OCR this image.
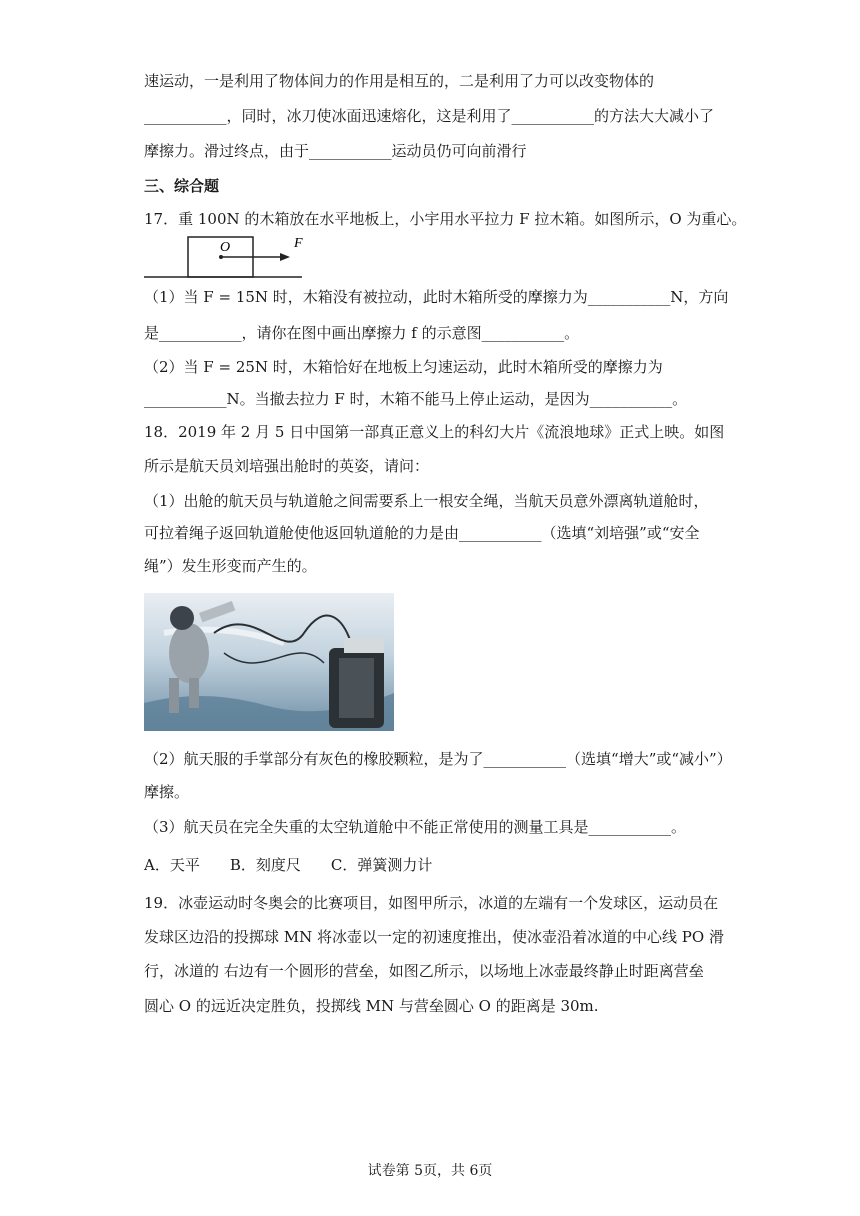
速运动，一是利用了物体间力的作用是相互的，二是利用了力可以改变物体的
___________，同时，冰刀使冰面迅速熔化，这是利用了___________的方法大大减小了
摩擦力。滑过终点，由于___________运动员仍可向前滑行
三、综合题
17．重 100N 的木箱放在水平地板上，小宇用水平拉力 F 拉木箱。如图所示，O 为重心。
O	F
（1）当 F = 15N 时，木箱没有被拉动，此时木箱所受的摩擦力为___________N，方向
是___________，请你在图中画出摩擦力 f 的示意图___________。
（2）当 F = 25N 时，木箱恰好在地板上匀速运动，此时木箱所受的摩擦力为
___________N。当撤去拉力 F 时，木箱不能马上停止运动，是因为___________。
18．2019 年 2 月 5 日中国第一部真正意义上的科幻大片《流浪地球》正式上映。如图
所示是航天员刘培强出舱时的英姿，请问：
（1）出舱的航天员与轨道舱之间需要系上一根安全绳，当航天员意外漂离轨道舱时，
可拉着绳子返回轨道舱使他返回轨道舱的力是由___________（选填“刘培强”或“安全
绳”）发生形变而产生的。
（2）航天服的手掌部分有灰色的橡胶颗粒，是为了___________（选填“增大”或“减小”）
摩擦。
（3）航天员在完全失重的太空轨道舱中不能正常使用的测量工具是___________。
A．天平　　B．刻度尺　　C．弹簧测力计
19．冰壶运动时冬奥会的比赛项目，如图甲所示，冰道的左端有一个发球区，运动员在
发球区边沿的投掷球 MN 将冰壶以一定的初速度推出，使冰壶沿着冰道的中心线 PO 滑
行，冰道的 右边有一个圆形的营垒，如图乙所示，以场地上冰壶最终静止时距离营垒
圆心 O 的远近决定胜负，投掷线 MN 与营垒圆心 O 的距离是 30m.
试卷第 5页，共 6页
